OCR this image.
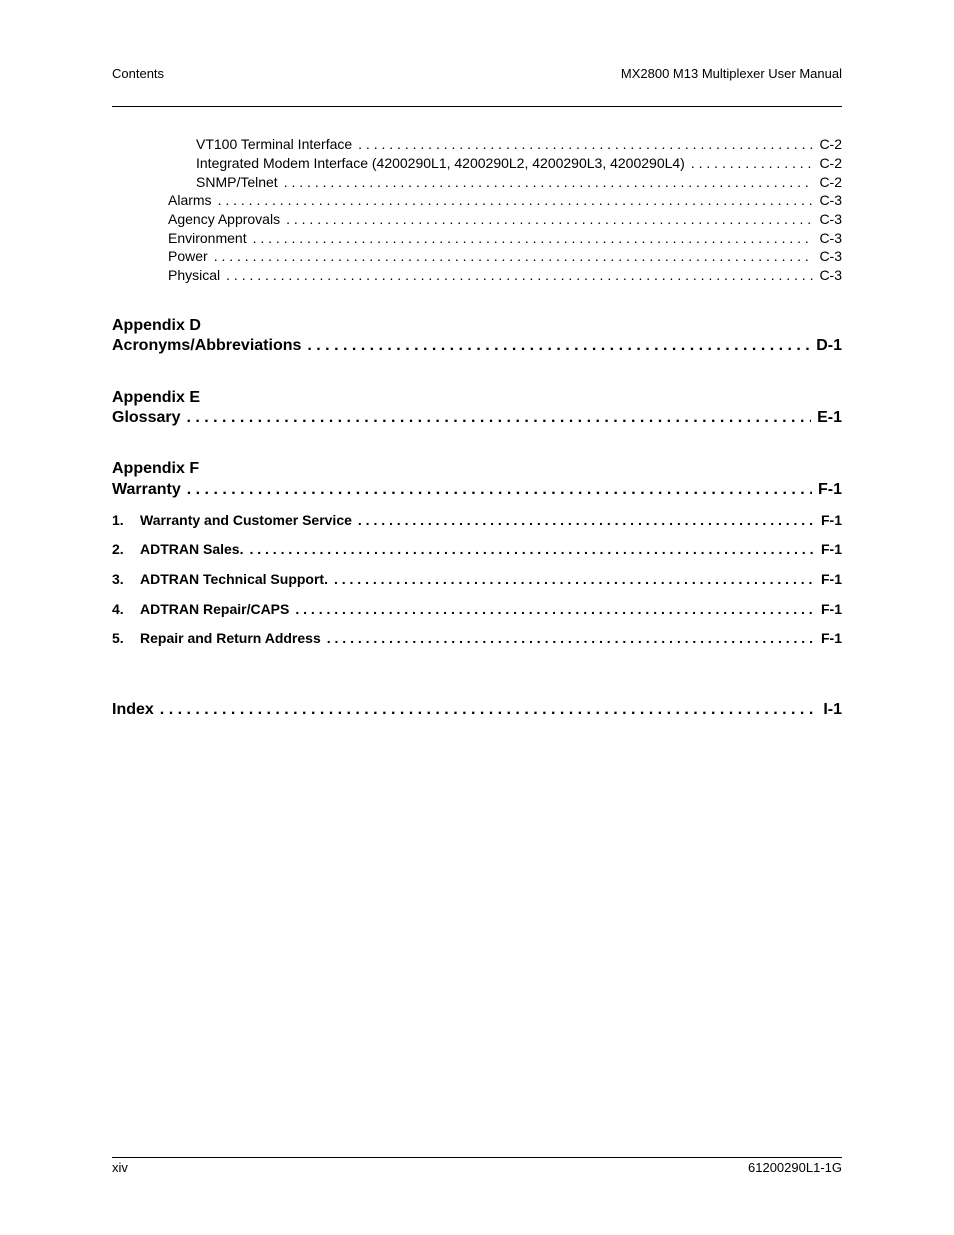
Contents	MX2800 M13 Multiplexer User Manual
VT100 Terminal Interface . . .	C-2
Integrated Modem Interface (4200290L1, 4200290L2, 4200290L3, 4200290L4) . . .	C-2
SNMP/Telnet . . .	C-2
Alarms . . .	C-3
Agency Approvals . . .	C-3
Environment . . .	C-3
Power . . .	C-3
Physical . . .	C-3
Appendix D
Acronyms/Abbreviations . . .	D-1
Appendix E
Glossary . . .	E-1
Appendix F
Warranty . . .	F-1
1. Warranty and Customer Service . . .	F-1
2. ADTRAN Sales. . . .	F-1
3. ADTRAN Technical Support. . . .	F-1
4. ADTRAN Repair/CAPS . . .	F-1
5. Repair and Return Address . . .	F-1
Index . . .	I-1
xiv	61200290L1-1G
